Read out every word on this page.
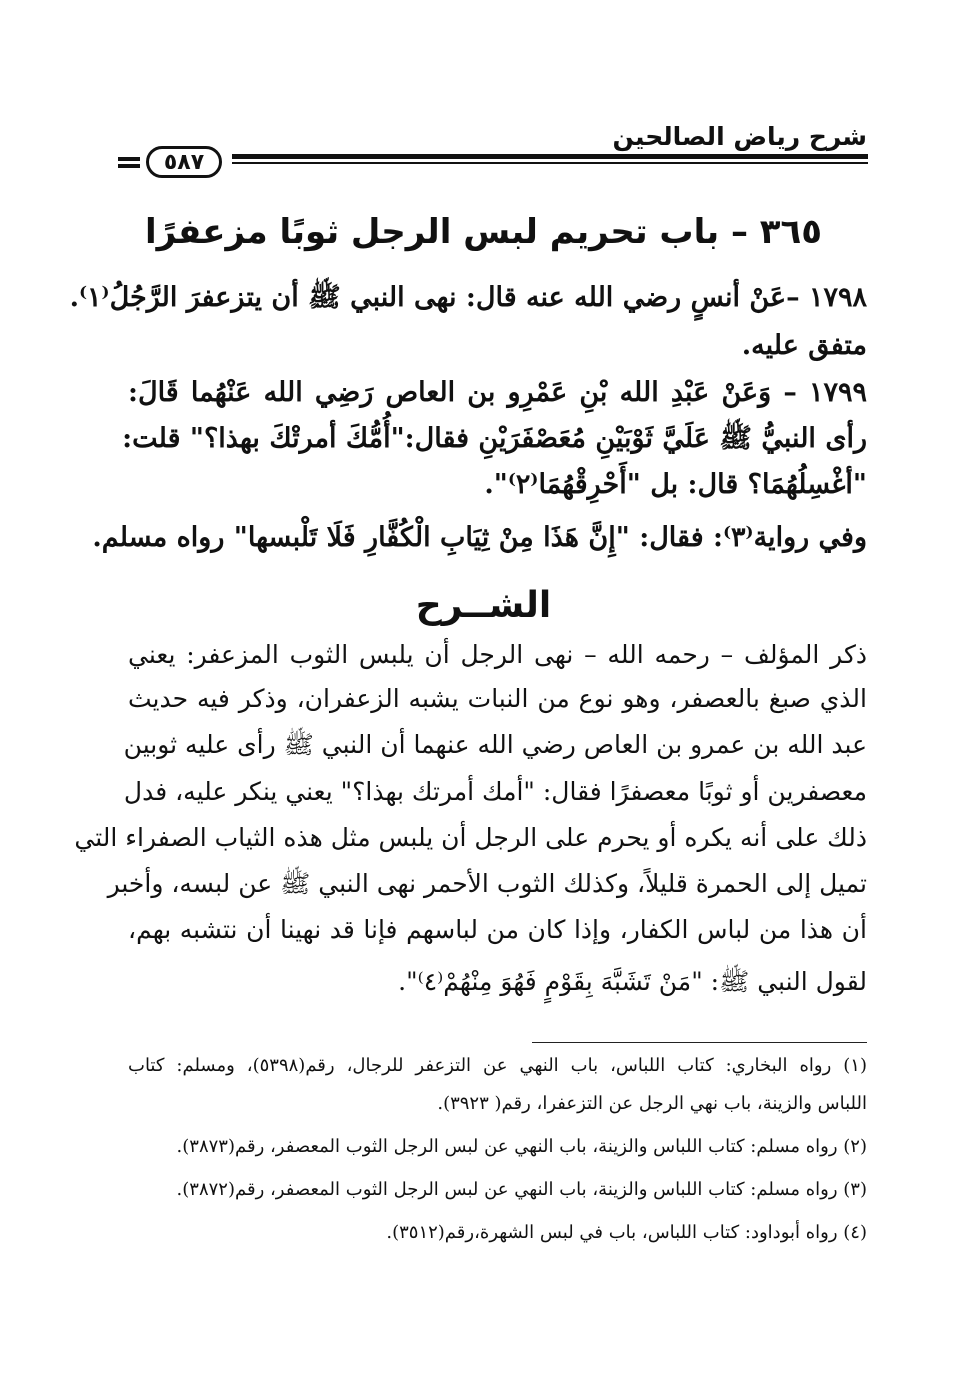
شرح رياض الصالحين
٥٨٧
٣٦٥ – باب تحريم لبس الرجل ثوبًا مزعفرًا
١٧٩٨ –عَنْ أنسٍ رضي الله عنه قال: نهى النبي ﷺ أن يتزعفرَ الرَّجُلُ⁽١⁾.
متفق عليه.
١٧٩٩ – وَعَنْ عَبْدِ الله بْنِ عَمْرِو بن العاص رَضِي الله عَنْهُما قَالَ:
رأى النبيُّ ﷺ عَلَيَّ ثَوْبَيْنِ مُعَصْفَرَيْنِ فقال:"أُمُّكَ أمرتْكَ بهذا؟" قلت:
"أغْسِلُهُمَا؟ قال: بل "أَحْرِقْهُمَا⁽٢⁾".
وفي رواية⁽٣⁾: فقال: "إِنَّ هَذَا مِنْ ثِيَابِ الْكُفَّارِ فَلَا تَلْبسها" رواه مسلم.
الشــرح
ذكر المؤلف – رحمه الله – نهى الرجل أن يلبس الثوب المزعفر: يعني
الذي صبغ بالعصفر، وهو نوع من النبات يشبه الزعفران، وذكر فيه حديث
عبد الله بن عمرو بن العاص رضي الله عنهما أن النبي ﷺ رأى عليه ثوبين
معصفرين أو ثوبًا معصفرًا فقال: "أمك أمرتك بهذا؟" يعني ينكر عليه، فدل
ذلك على أنه يكره أو يحرم على الرجل أن يلبس مثل هذه الثياب الصفراء التي
تميل إلى الحمرة قليلاً، وكذلك الثوب الأحمر نهى النبي ﷺ عن لبسه، وأخبر
أن هذا من لباس الكفار، وإذا كان من لباسهم فإنا قد نهينا أن نتشبه بهم،
لقول النبي ﷺ: "مَنْ تَشَبَّهَ بِقَوْمٍ فَهُوَ مِنْهُمْ⁽٤⁾".
(١) رواه البخاري: كتاب اللباس، باب النهي عن التزعفر للرجال، رقم(٥٣٩٨)، ومسلم: كتاب
اللباس والزينة، باب نهي الرجل عن التزعفرا، رقم( ٣٩٢٣).
(٢) رواه مسلم: كتاب اللباس والزينة، باب النهي عن لبس الرجل الثوب المعصفر، رقم(٣٨٧٣).
(٣) رواه مسلم: كتاب اللباس والزينة، باب النهي عن لبس الرجل الثوب المعصفر، رقم(٣٨٧٢).
(٤) رواه أبوداود: كتاب اللباس، باب في لبس الشهرة،رقم(٣٥١٢).
